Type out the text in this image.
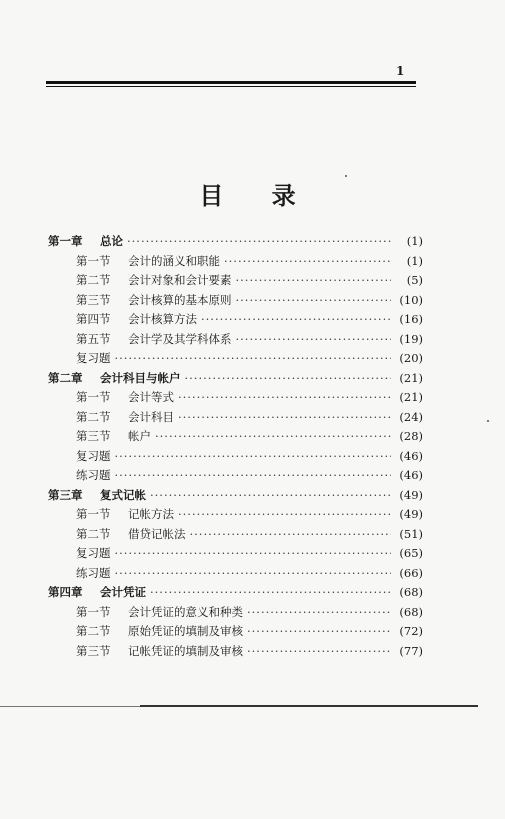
1
目 录
第一章	总论 ·····	(1)
第一节	会计的涵义和职能 ·····	(1)
第二节	会计对象和会计要素 ·····	(5)
第三节	会计核算的基本原则 ·····	(10)
第四节	会计核算方法 ·····	(16)
第五节	会计学及其学科体系 ·····	(19)
复习题 ·····	(20)
第二章	会计科目与帐户 ·····	(21)
第一节	会计等式 ·····	(21)
第二节	会计科目 ·····	(24)
第三节	帐户 ·····	(28)
复习题 ·····	(46)
练习题 ·····	(46)
第三章	复式记帐 ·····	(49)
第一节	记帐方法 ·····	(49)
第二节	借贷记帐法 ·····	(51)
复习题 ·····	(65)
练习题 ·····	(66)
第四章	会计凭证 ·····	(68)
第一节	会计凭证的意义和种类 ·····	(68)
第二节	原始凭证的填制及审核 ·····	(72)
第三节	记帐凭证的填制及审核 ·····	(77)
